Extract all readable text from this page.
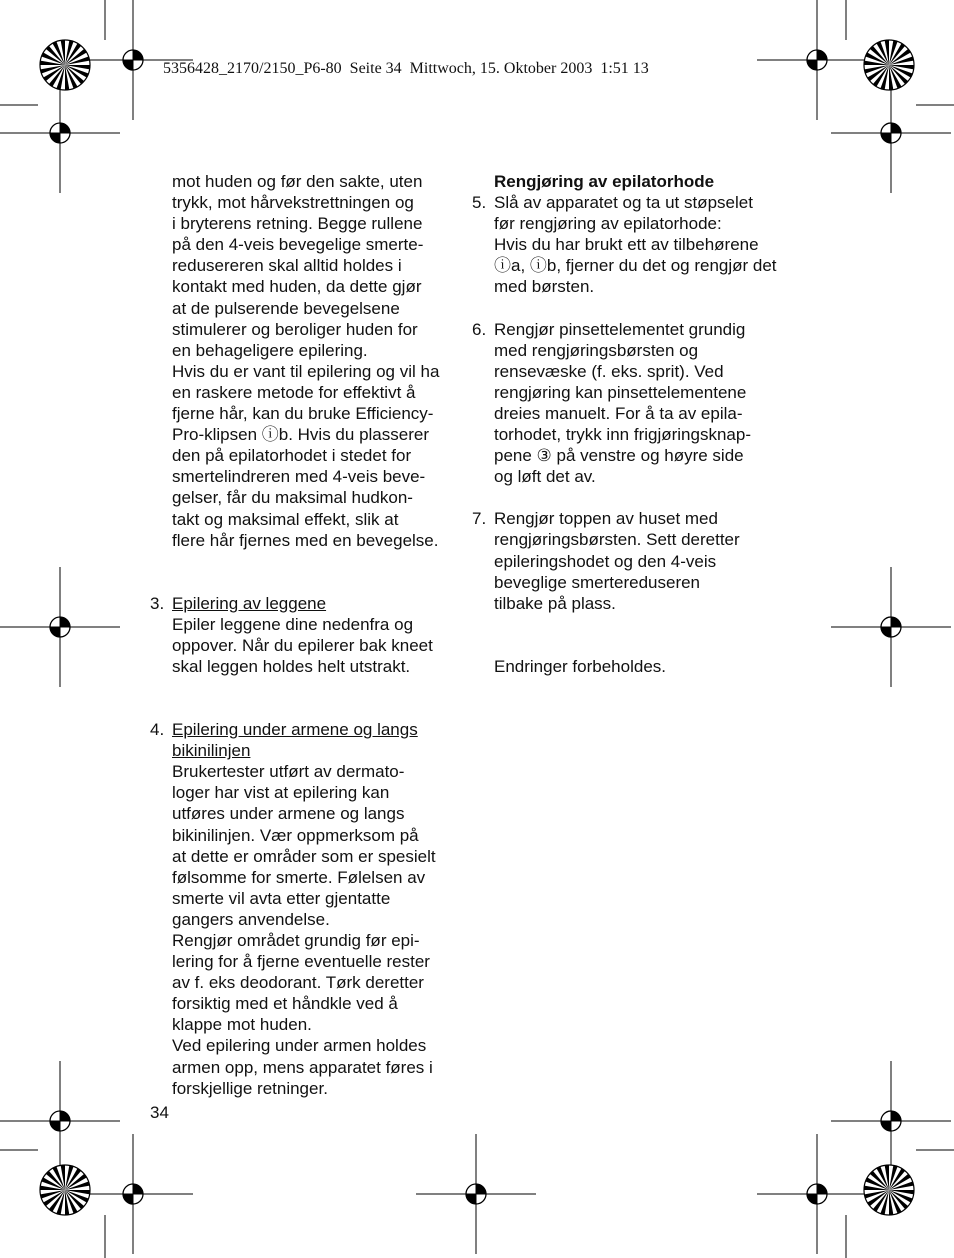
5356428_2170/2150_P6-80  Seite 34  Mittwoch, 15. Oktober 2003  1:51 13

mot huden og før den sakte, uten
trykk, mot hårvekstrettningen og
i bryterens retning. Begge rullene
på den 4-veis bevegelige smerte-
redusereren skal alltid holdes i
kontakt med huden, da dette gjør
at de pulserende bevegelsene
stimulerer og beroliger huden for
en behageligere epilering.
Hvis du er vant til epilering og vil ha
en raskere metode for effektivt å
fjerne hår, kan du bruke Efficiency-
Pro-klipsen ⓘb. Hvis du plasserer
den på epilatorhodet i stedet for
smertelindreren med 4-veis beve-
gelser, får du maksimal hudkon-
takt og maksimal effekt, slik at
flere hår fjernes med en bevegelse.

3. Epilering av leggene
Epiler leggene dine nedenfra og
oppover. Når du epilerer bak kneet
skal leggen holdes helt utstrakt.

4. Epilering under armene og langs
bikinilinjen
Brukertester utført av dermato-
loger har vist at epilering kan
utføres under armene og langs
bikinilinjen. Vær oppmerksom på
at dette er områder som er spesielt
følsomme for smerte. Følelsen av
smerte vil avta etter gjentatte
gangers anvendelse.
Rengjør området grundig før epi-
lering for å fjerne eventuelle rester
av f. eks deodorant. Tørk deretter
forsiktig med et håndkle ved å
klappe mot huden.
Ved epilering under armen holdes
armen opp, mens apparatet føres i
forskjellige retninger.

Rengjøring av epilatorhode

5. Slå av apparatet og ta ut støpselet
før rengjøring av epilatorhode:
Hvis du har brukt ett av tilbehørene
ⓘa, ⓘb, fjerner du det og rengjør det
med børsten.

6. Rengjør pinsettelementet grundig
med rengjøringsbørsten og
rensevæske (f. eks. sprit). Ved
rengjøring kan pinsettelementene
dreies manuelt. For å ta av epila-
torhodet, trykk inn frigjøringsknap-
pene ③ på venstre og høyre side
og løft det av.

7. Rengjør toppen av huset med
rengjøringsbørsten. Sett deretter
epileringshodet og den 4-veis
beveglige smertereduseren
tilbake på plass.

Endringer forbeholdes.

34
